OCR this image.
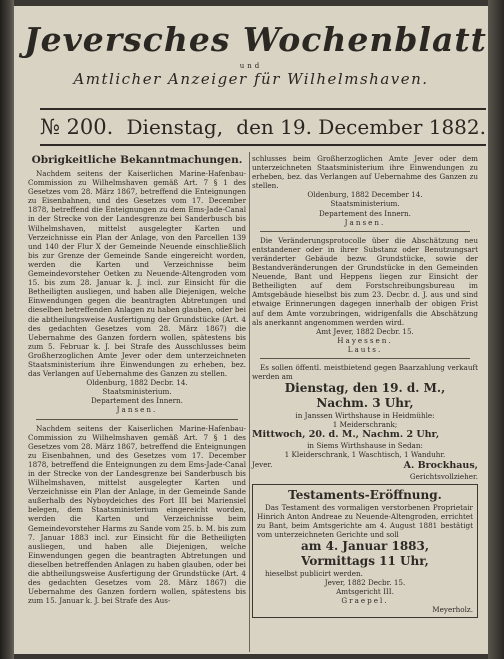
Jeversches Wochenblatt
und
Amtlicher Anzeiger für Wilhelmshaven.
№ 200. Dienstag, den 19. December 1882.
Obrigkeitliche Bekanntmachungen.

Nachdem seitens der Kaiserlichen Marine-Hafenbau-Commission zu Wilhelmshaven gemäß Art. 7 § 1 des Gesetzes vom 28. März 1867, betreffend die Enteignungen zu Eisenbahnen, und des Gesetzes vom 17. December 1878, betreffend die Enteignungen zu dem Ems-Jade-Canal in der Strecke von der Landesgrenze bei Sanderbusch bis Wilhelmshaven, mittelst ausgelegter Karten und Verzeichnisse ein Plan der Anlage, von den Parcellen 139 und 140 der Flur X der Gemeinde Neuende einschließlich bis zur Grenze der Gemeinde Sande eingereicht worden, werden die Karten und Verzeichnisse beim Gemeindevorsteher Oetken zu Neuende-Altengroden vom 15. bis zum 28. Januar k. J. incl. zur Einsicht für die Betheiligten ausliegen, und haben alle Diejenigen, welche Einwendungen gegen die beantragten Abtretungen und dieselben betreffenden Anlagen zu haben glauben, oder bei die abtheilungsweise Ausfertigung der Grundstücke (Art. 4 des gedachten Gesetzes vom 28. März 1867) die Uebernahme des Ganzen fordern wollen, spätestens bis zum 5. Februar k. J. bei Strafe des Ausschlusses beim Großherzoglichen Amte Jever oder dem unterzeichneten Staatsministerium ihre Einwendungen zu erheben, bez. das Verlangen auf Uebernahme des Ganzen zu stellen.

Oldenburg, 1882 Decbr. 14.

Staatsministerium.

Departement des Innern.

Jansen.

Nachdem seitens der Kaiserlichen Marine-Hafenbau-Commission zu Wilhelmshaven gemäß Art. 7 § 1 des Gesetzes vom 28. März 1867, betreffend die Enteignungen zu Eisenbahnen, und des Gesetzes vom 17. December 1878, betreffend die Enteignungen zu dem Ems-Jade-Canal in der Strecke von der Landesgrenze bei Sanderbusch bis Wilhelmshaven, mittelst ausgelegter Karten und Verzeichnisse ein Plan der Anlage, in der Gemeinde Sande außerhalb des Nyboydeiches des Fort III bei Mariensiel belegen, dem Staatsministerium eingereicht worden, werden die Karten und Verzeichnisse beim Gemeindevorsteher Harms zu Sande vom 25. b. M. bis zum 7. Januar 1883 incl. zur Einsicht für die Betheiligten ausliegen, und haben alle Diejenigen, welche Einwendungen gegen die beantragten Abtretungen und dieselben betreffenden Anlagen zu haben glauben, oder bei die abtheilungsweise Ausfertigung der Grundstücke (Art. 4 des gedachten Gesetzes vom 28. März 1867) die Uebernahme des Ganzen fordern wollen, spätestens bis zum 15. Januar k. J. bei Strafe des Aus-

schlusses beim Großherzoglichen Amte Jever oder dem unterzeichneten Staatsministerium ihre Einwendungen zu erheben, bez. das Verlangen auf Uebernahme des Ganzen zu stellen.

Oldenburg, 1882 December 14.

Staatsministerium.

Departement des Innern.

Jansen.

Die Veränderungsprotocolle über die Abschätzung neu entstandener oder in ihrer Substanz oder Benutzungsart veränderter Gebäude bezw. Grundstücke, sowie der Bestandveränderungen der Grundstücke in den Gemeinden Neuende, Bant und Heppens liegen zur Einsicht der Betheiligten auf dem Forstschreibungsbureau im Amtsgebäude hieselbst bis zum 23. Decbr. d. J. aus und sind etwaige Erinnerungen dagegen innerhalb der obigen Frist auf dem Amte vorzubringen, widrigenfalls die Abschätzung als anerkannt angenommen werden wird.

Amt Jever, 1882 Decbr. 15.

Hayessen.

Lauts.

Es sollen öffentl. meistbietend gegen Baarzahlung verkauft werden am

Dienstag, den 19. d. M.,

Nachm. 3 Uhr,

in Janssen Wirthshause in Heidmühle:

1 Meiderschrank;

Mittwoch, 20. d. M., Nachm. 2 Uhr,

in Siems Wirthshause in Sedan:

1 Kleiderschrank, 1 Waschtisch, 1 Wanduhr.

Jever.	A. Brockhaus,

Gerichtsvollzieher.

Testaments-Eröffnung.

Das Testament des vormaligen verstorbenen Proprietair Hinrich Anton Andreae zu Neuende-Altengroden, errichtet zu Bant, beim Amtsgerichte am 4. August 1881 bestätigt vom unterzeichneten Gerichte und soll

am 4. Januar 1883,

Vormittags 11 Uhr,

hieselbst publicirt werden.

Jever, 1882 Decbr. 15.

Amtsgericht III.

Graepel.

Meyerholz.
